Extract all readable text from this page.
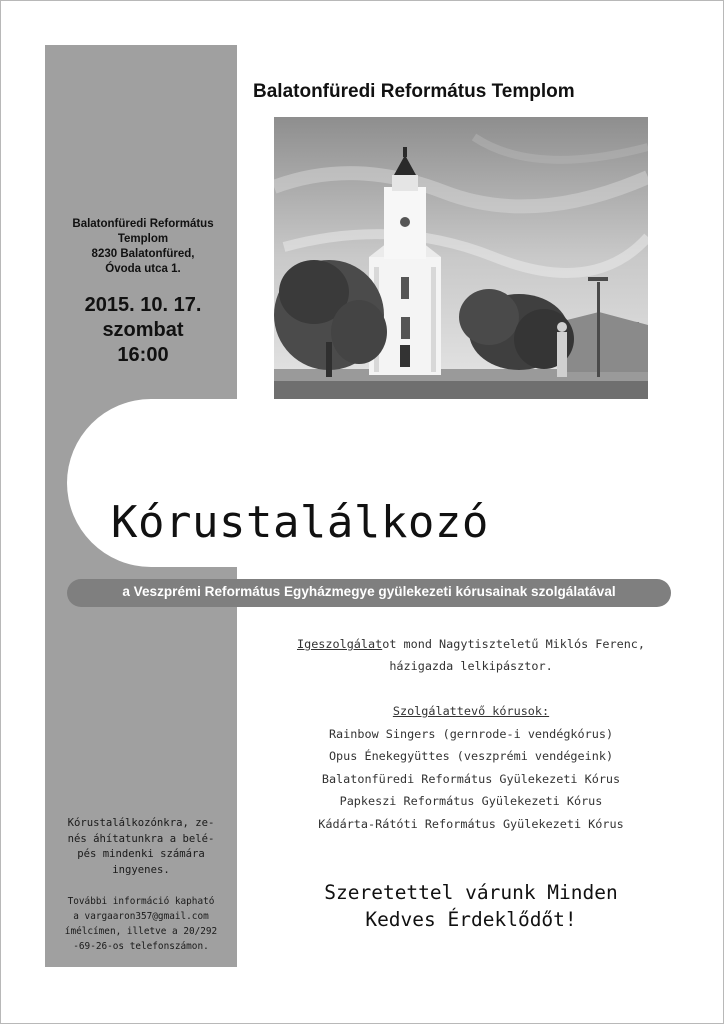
Balatonfüredi Református Templom
Balatonfüredi Református
Templom
8230 Balatonfüred,
Óvoda utca 1.
2015. 10. 17.
szombat
16:00
Kórustalálkozó
a Veszprémi Református Egyházmegye gyülekezeti kórusainak szolgálatával
Igeszolgálatot mond Nagytiszteletű Miklós Ferenc,
házigazda lelkipásztor.
Szolgálattevő kórusok:
Rainbow Singers (gernrode-i vendégkórus)
Opus Énekegyüttes (veszprémi vendégeink)
Balatonfüredi Református Gyülekezeti Kórus
Papkeszi Református Gyülekezeti Kórus
Kádárta-Rátóti Református Gyülekezeti Kórus
Szeretettel várunk Minden
Kedves Érdeklődőt!
Kórustalálkozónkra, ze-
nés áhítatunkra a belé-
pés mindenki számára
ingyenes.
További információ kapható
a vargaaron357@gmail.com
ímélcímen, illetve a 20/292
-69-26-os telefonszámon.
